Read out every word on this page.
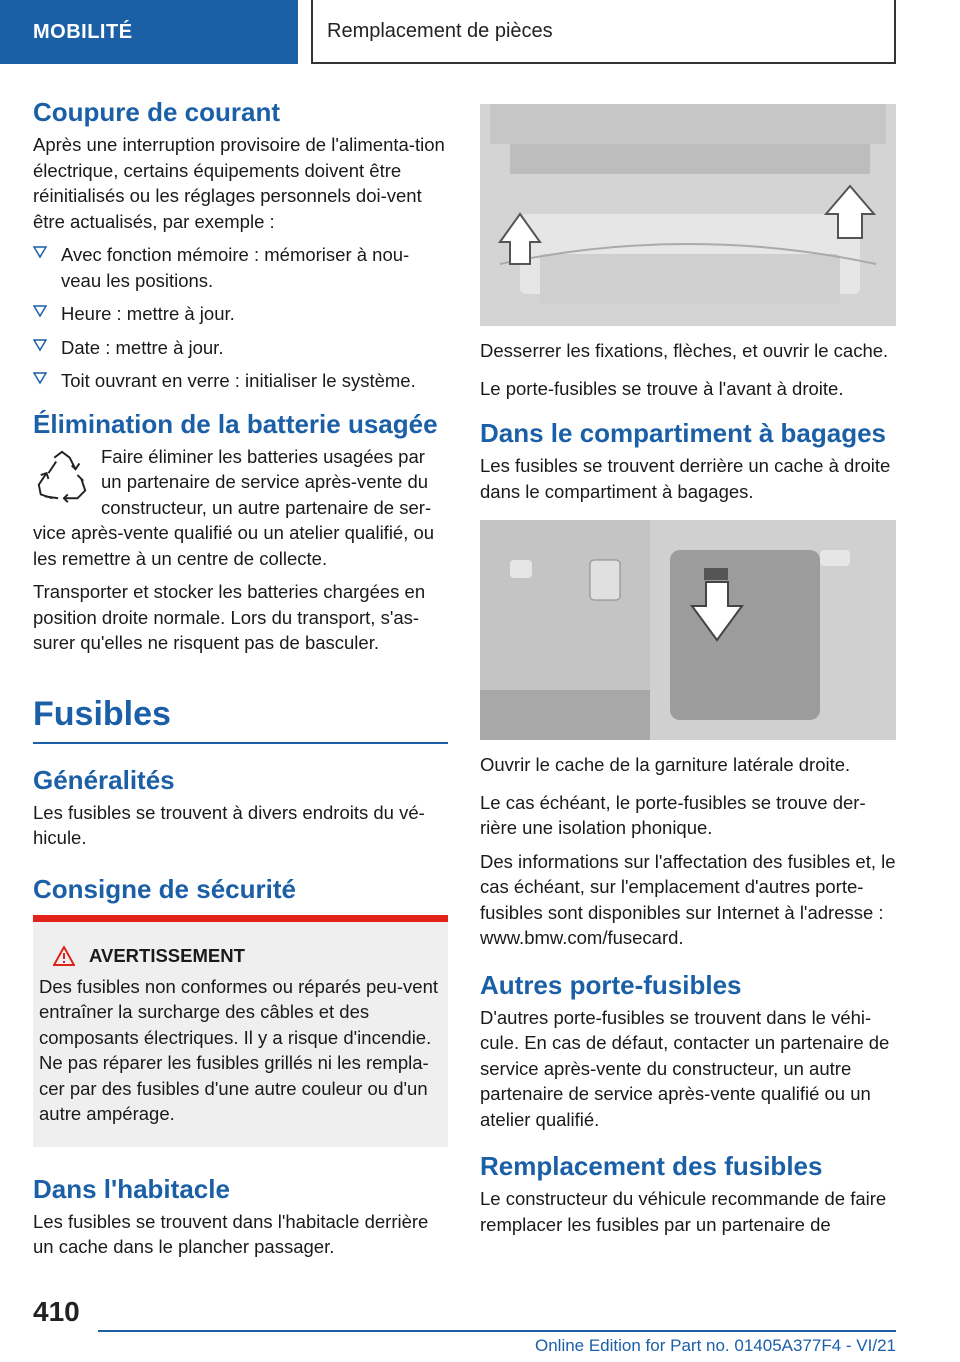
MOBILITÉ	Remplacement de pièces
Coupure de courant

Après une interruption provisoire de l'alimenta-tion électrique, certains équipements doivent être réinitialisés ou les réglages personnels doi-vent être actualisés, par exemple :

Avec fonction mémoire : mémoriser à nou-veau les positions.
Heure : mettre à jour.
Date : mettre à jour.
Toit ouvrant en verre : initialiser le système.
Élimination de la batterie usagée

Faire éliminer les batteries usagées par un partenaire de service après-vente du constructeur, un autre partenaire de ser-vice après-vente qualifié ou un atelier qualifié, ou les remettre à un centre de collecte.

Transporter et stocker les batteries chargées en position droite normale. Lors du transport, s'as-surer qu'elles ne risquent pas de basculer.

Fusibles
Généralités

Les fusibles se trouvent à divers endroits du vé-hicule.

Consigne de sécurité
AVERTISSEMENT

Des fusibles non conformes ou réparés peu-vent entraîner la surcharge des câbles et des composants électriques. Il y a risque d'incendie. Ne pas réparer les fusibles grillés ni les rempla-cer par des fusibles d'une autre couleur ou d'un autre ampérage.

Dans l'habitacle

Les fusibles se trouvent dans l'habitacle derrière un cache dans le plancher passager.

Desserrer les fixations, flèches, et ouvrir le cache.

Le porte-fusibles se trouve à l'avant à droite.

Dans le compartiment à bagages

Les fusibles se trouvent derrière un cache à droite dans le compartiment à bagages.

Ouvrir le cache de la garniture latérale droite.

Le cas échéant, le porte-fusibles se trouve der-rière une isolation phonique.

Des informations sur l'affectation des fusibles et, le cas échéant, sur l'emplacement d'autres porte-fusibles sont disponibles sur Internet à l'adresse : www.bmw.com/fusecard.

Autres porte-fusibles

D'autres porte-fusibles se trouvent dans le véhi-cule. En cas de défaut, contacter un partenaire de service après-vente du constructeur, un autre partenaire de service après-vente qualifié ou un atelier qualifié.

Remplacement des fusibles

Le constructeur du véhicule recommande de faire remplacer les fusibles par un partenaire de

410
Online Edition for Part no. 01405A377F4 - VI/21
